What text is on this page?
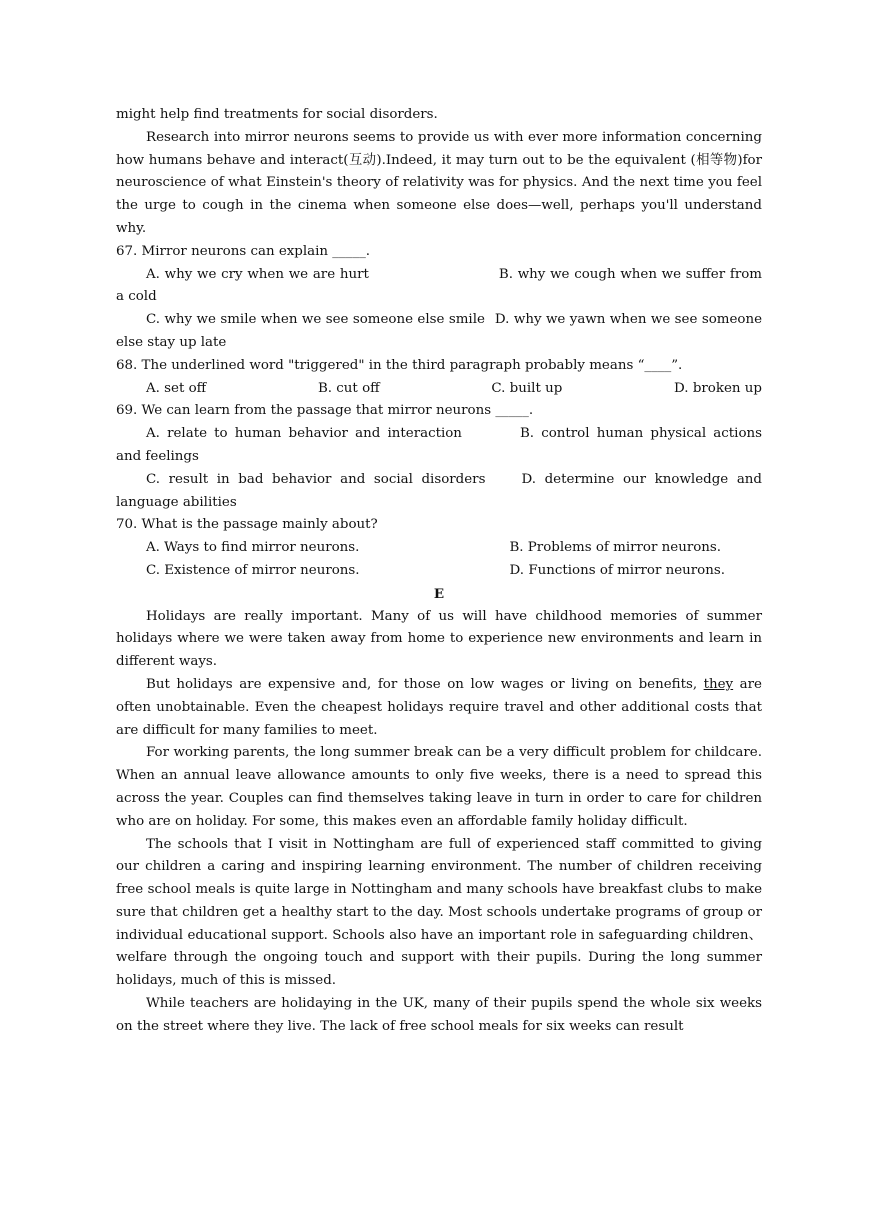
might help find treatments for social disorders.

Research into mirror neurons seems to provide us with ever more information concerning how humans behave and interact(互动).Indeed, it may turn out to be the equivalent (相等物)for neuroscience of what Einstein's theory of relativity was for physics. And the next time you feel the urge to cough in the cinema when someone else does—well, perhaps you'll understand why.

67. Mirror neurons can explain _____.

A. why we cry when we are hurt	B. why we cough when we suffer from a cold

C. why we smile when we see someone else smile D. why we yawn when we see someone else stay up late

68. The underlined word "triggered" in the third paragraph probably means “____”.

A. set off	B. cut off	C. built up	D. broken up

69. We can learn from the passage that mirror neurons _____.

A. relate to human behavior and interaction	B. control human physical actions and feelings

C. result in bad behavior and social disorders	D. determine our knowledge and language abilities

70. What is the passage mainly about?

A. Ways to find mirror neurons.	B. Problems of mirror neurons.

C. Existence of mirror neurons.	D. Functions of mirror neurons.

E

Holidays are really important. Many of us will have childhood memories of summer holidays where we were taken away from home to experience new environments and learn in different ways.

But holidays are expensive and, for those on low wages or living on benefits, they are often unobtainable. Even the cheapest holidays require travel and other additional costs that are difficult for many families to meet.

For working parents, the long summer break can be a very difficult problem for childcare. When an annual leave allowance amounts to only five weeks, there is a need to spread this across the year. Couples can find themselves taking leave in turn in order to care for children who are on holiday. For some, this makes even an affordable family holiday difficult.

The schools that I visit in Nottingham are full of experienced staff committed to giving our children a caring and inspiring learning environment. The number of children receiving free school meals is quite large in Nottingham and many schools have breakfast clubs to make sure that children get a healthy start to the day. Most schools undertake programs of group or individual educational support. Schools also have an important role in safeguarding children、 welfare through the ongoing touch and support with their pupils. During the long summer holidays, much of this is missed.

While teachers are holidaying in the UK, many of their pupils spend the whole six weeks on the street where they live. The lack of free school meals for six weeks can result
